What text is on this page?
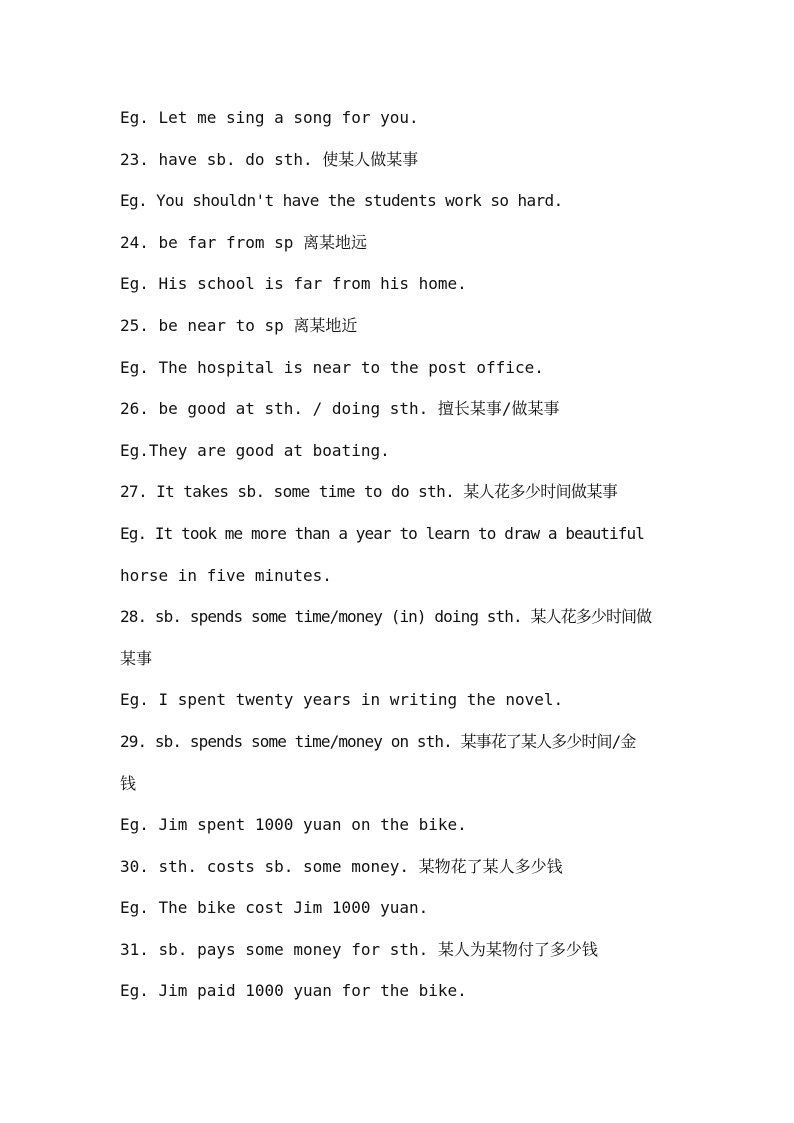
Eg. Let me sing a song for you.
23. have sb. do sth. 使某人做某事
Eg. You shouldn't have the students work so hard.
24. be far from sp 离某地远
Eg. His school is far from his home.
25. be near to sp 离某地近
Eg. The hospital is near to the post office.
26. be good at sth. / doing sth. 擅长某事/做某事
Eg.They are good at boating.
27. It takes sb. some time to do sth. 某人花多少时间做某事
Eg. It took me more than a year to learn to draw a beautiful
horse in five minutes.
28. sb. spends some time/money (in) doing sth. 某人花多少时间做
某事
Eg. I spent twenty years in writing the novel.
29. sb. spends some time/money on sth. 某事花了某人多少时间/金
钱
Eg. Jim spent 1000 yuan on the bike.
30. sth. costs sb. some money. 某物花了某人多少钱
Eg. The bike cost Jim 1000 yuan.
31. sb. pays some money for sth. 某人为某物付了多少钱
Eg. Jim paid 1000 yuan for the bike.
